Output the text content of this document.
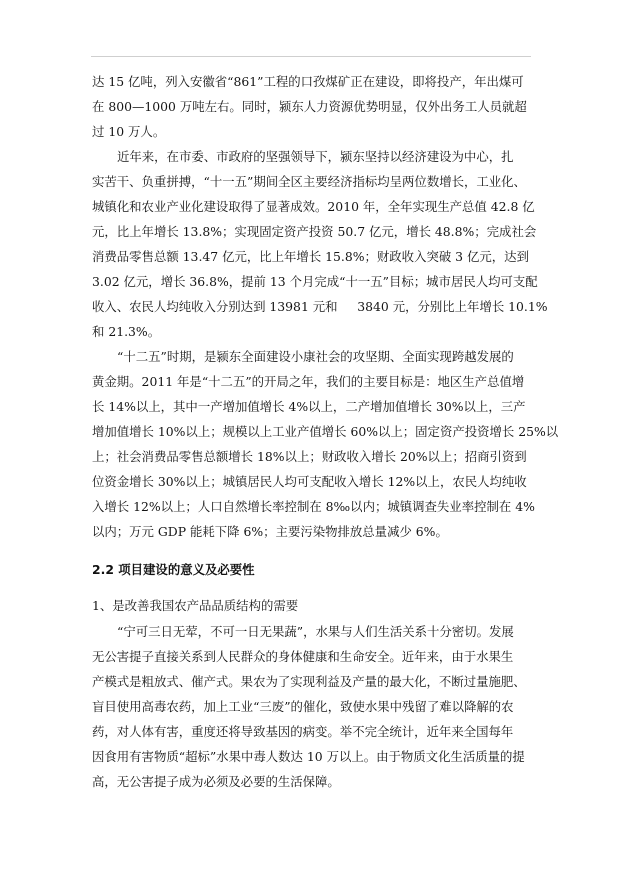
达 15 亿吨，列入安徽省“861”工程的口孜煤矿正在建设，即将投产，年出煤可
在 800—1000 万吨左右。同时，颍东人力资源优势明显，仅外出务工人员就超
过 10 万人。
近年来，在市委、市政府的坚强领导下，颍东坚持以经济建设为中心，扎
实苦干、负重拼搏，“十一五”期间全区主要经济指标均呈两位数增长，工业化、
城镇化和农业产业化建设取得了显著成效。2010 年，全年实现生产总值 42.8 亿
元，比上年增长 13.8%；实现固定资产投资 50.7 亿元，增长 48.8%；完成社会
消费品零售总额 13.47 亿元，比上年增长 15.8%；财政收入突破 3 亿元，达到
3.02 亿元，增长 36.8%，提前 13 个月完成“十一五”目标；城市居民人均可支配
收入、农民人均纯收入分别达到 13981 元和     3840 元，分别比上年增长 10.1%
和 21.3%。
“十二五”时期，是颍东全面建设小康社会的攻坚期、全面实现跨越发展的
黄金期。2011 年是“十二五”的开局之年，我们的主要目标是：地区生产总值增
长 14%以上，其中一产增加值增长 4%以上，二产增加值增长 30%以上，三产
增加值增长 10%以上；规模以上工业产值增长 60%以上；固定资产投资增长 25%以
上；社会消费品零售总额增长 18%以上；财政收入增长 20%以上；招商引资到
位资金增长 30%以上；城镇居民人均可支配收入增长 12%以上，农民人均纯收
入增长 12%以上；人口自然增长率控制在 8‰以内；城镇调查失业率控制在 4%
以内；万元 GDP 能耗下降 6%；主要污染物排放总量减少 6%。
2.2 项目建设的意义及必要性
1、是改善我国农产品品质结构的需要
“宁可三日无荤，不可一日无果蔬”，水果与人们生活关系十分密切。发展
无公害提子直接关系到人民群众的身体健康和生命安全。近年来，由于水果生
产模式是粗放式、催产式。果农为了实现利益及产量的最大化，不断过量施肥、
盲目使用高毒农药，加上工业“三废”的催化，致使水果中残留了难以降解的农
药，对人体有害，重度还将导致基因的病变。举不完全统计，近年来全国每年
因食用有害物质“超标”水果中毒人数达 10 万以上。由于物质文化生活质量的提
高，无公害提子成为必须及必要的生活保障。
